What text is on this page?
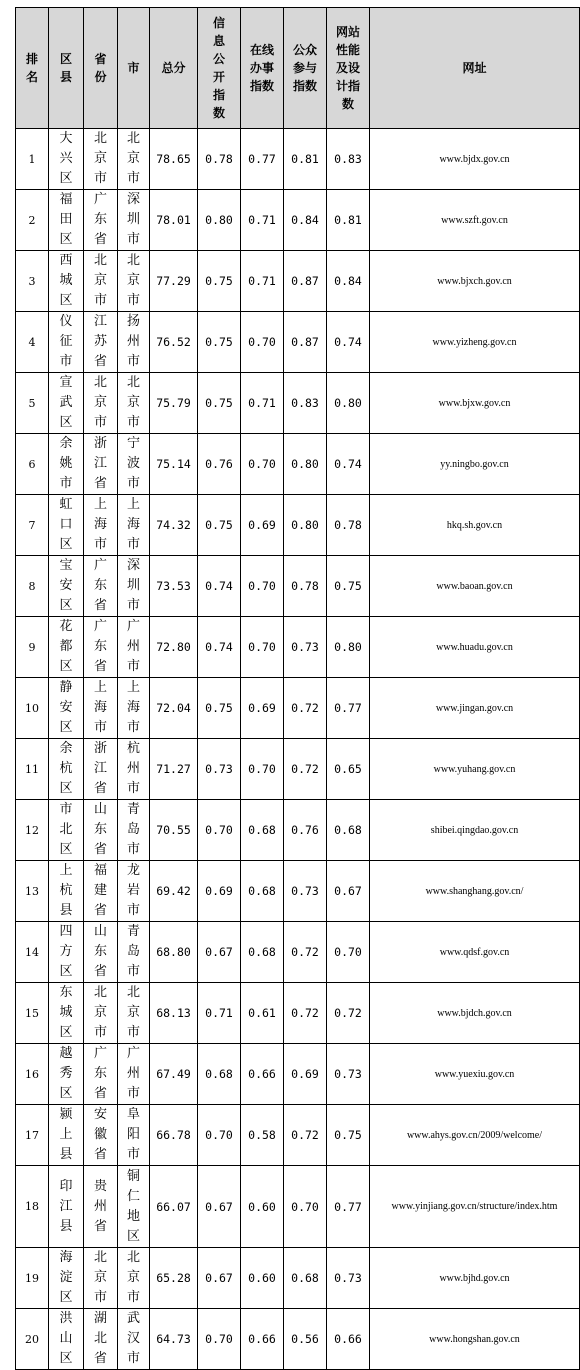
排名	区县	省份	市	总分	信息公开指数	在线办事指数	公众参与指数	网站性能及设计指数	网址
1	大兴区	北京市	北京市	78.65	0.78	0.77	0.81	0.83	www.bjdx.gov.cn
2	福田区	广东省	深圳市	78.01	0.80	0.71	0.84	0.81	www.szft.gov.cn
3	西城区	北京市	北京市	77.29	0.75	0.71	0.87	0.84	www.bjxch.gov.cn
4	仪征市	江苏省	扬州市	76.52	0.75	0.70	0.87	0.74	www.yizheng.gov.cn
5	宣武区	北京市	北京市	75.79	0.75	0.71	0.83	0.80	www.bjxw.gov.cn
6	余姚市	浙江省	宁波市	75.14	0.76	0.70	0.80	0.74	yy.ningbo.gov.cn
7	虹口区	上海市	上海市	74.32	0.75	0.69	0.80	0.78	hkq.sh.gov.cn
8	宝安区	广东省	深圳市	73.53	0.74	0.70	0.78	0.75	www.baoan.gov.cn
9	花都区	广东省	广州市	72.80	0.74	0.70	0.73	0.80	www.huadu.gov.cn
10	静安区	上海市	上海市	72.04	0.75	0.69	0.72	0.77	www.jingan.gov.cn
11	余杭区	浙江省	杭州市	71.27	0.73	0.70	0.72	0.65	www.yuhang.gov.cn
12	市北区	山东省	青岛市	70.55	0.70	0.68	0.76	0.68	shibei.qingdao.gov.cn
13	上杭县	福建省	龙岩市	69.42	0.69	0.68	0.73	0.67	www.shanghang.gov.cn/
14	四方区	山东省	青岛市	68.80	0.67	0.68	0.72	0.70	www.qdsf.gov.cn
15	东城区	北京市	北京市	68.13	0.71	0.61	0.72	0.72	www.bjdch.gov.cn
16	越秀区	广东省	广州市	67.49	0.68	0.66	0.69	0.73	www.yuexiu.gov.cn
17	颍上县	安徽省	阜阳市	66.78	0.70	0.58	0.72	0.75	www.ahys.gov.cn/2009/welcome/
18	印江县	贵州省	铜仁地区	66.07	0.67	0.60	0.70	0.77	www.yinjiang.gov.cn/structure/index.htm
19	海淀区	北京市	北京市	65.28	0.67	0.60	0.68	0.73	www.bjhd.gov.cn
20	洪山区	湖北省	武汉市	64.73	0.70	0.66	0.56	0.66	www.hongshan.gov.cn
